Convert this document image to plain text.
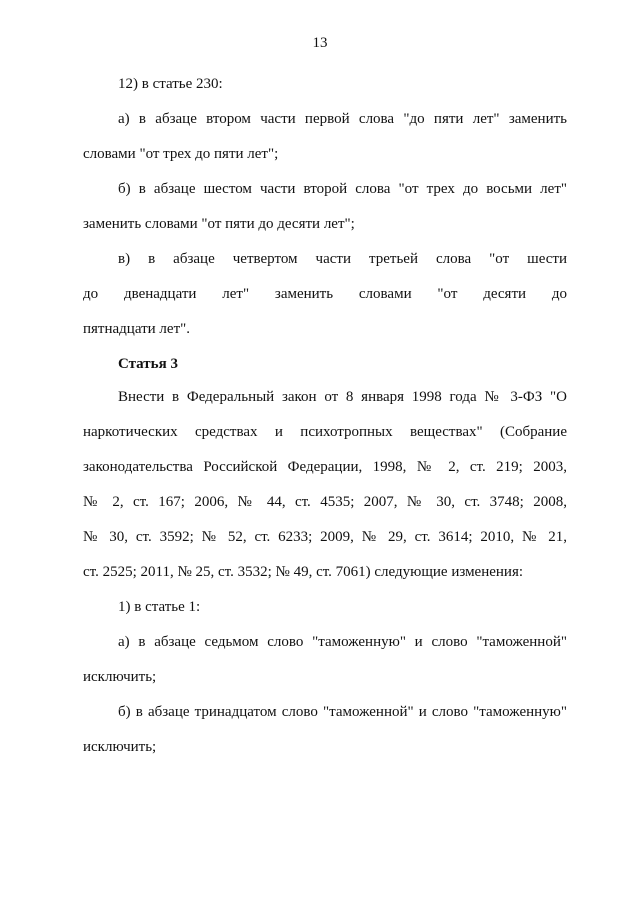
13
12) в статье 230:
а) в абзаце втором части первой слова "до пяти лет" заменить
словами "от трех до пяти лет";
б) в абзаце шестом части второй слова "от трех до восьми лет"
заменить словами "от пяти до десяти лет";
в) в абзаце четвертом части третьей слова "от шести
до двенадцати лет" заменить словами "от десяти до
пятнадцати лет".
Статья 3
Внести в Федеральный закон от 8 января 1998 года № 3-ФЗ "О
наркотических средствах и психотропных веществах" (Собрание
законодательства Российской Федерации, 1998, № 2, ст. 219; 2003,
№ 2, ст. 167; 2006, № 44, ст. 4535; 2007, № 30, ст. 3748; 2008,
№ 30, ст. 3592; № 52, ст. 6233; 2009, № 29, ст. 3614; 2010, № 21,
ст. 2525; 2011, № 25, ст. 3532; № 49, ст. 7061) следующие изменения:
1) в статье 1:
а) в абзаце седьмом слово "таможенную" и слово "таможенной"
исключить;
б) в абзаце тринадцатом слово "таможенной" и слово "таможенную"
исключить;
